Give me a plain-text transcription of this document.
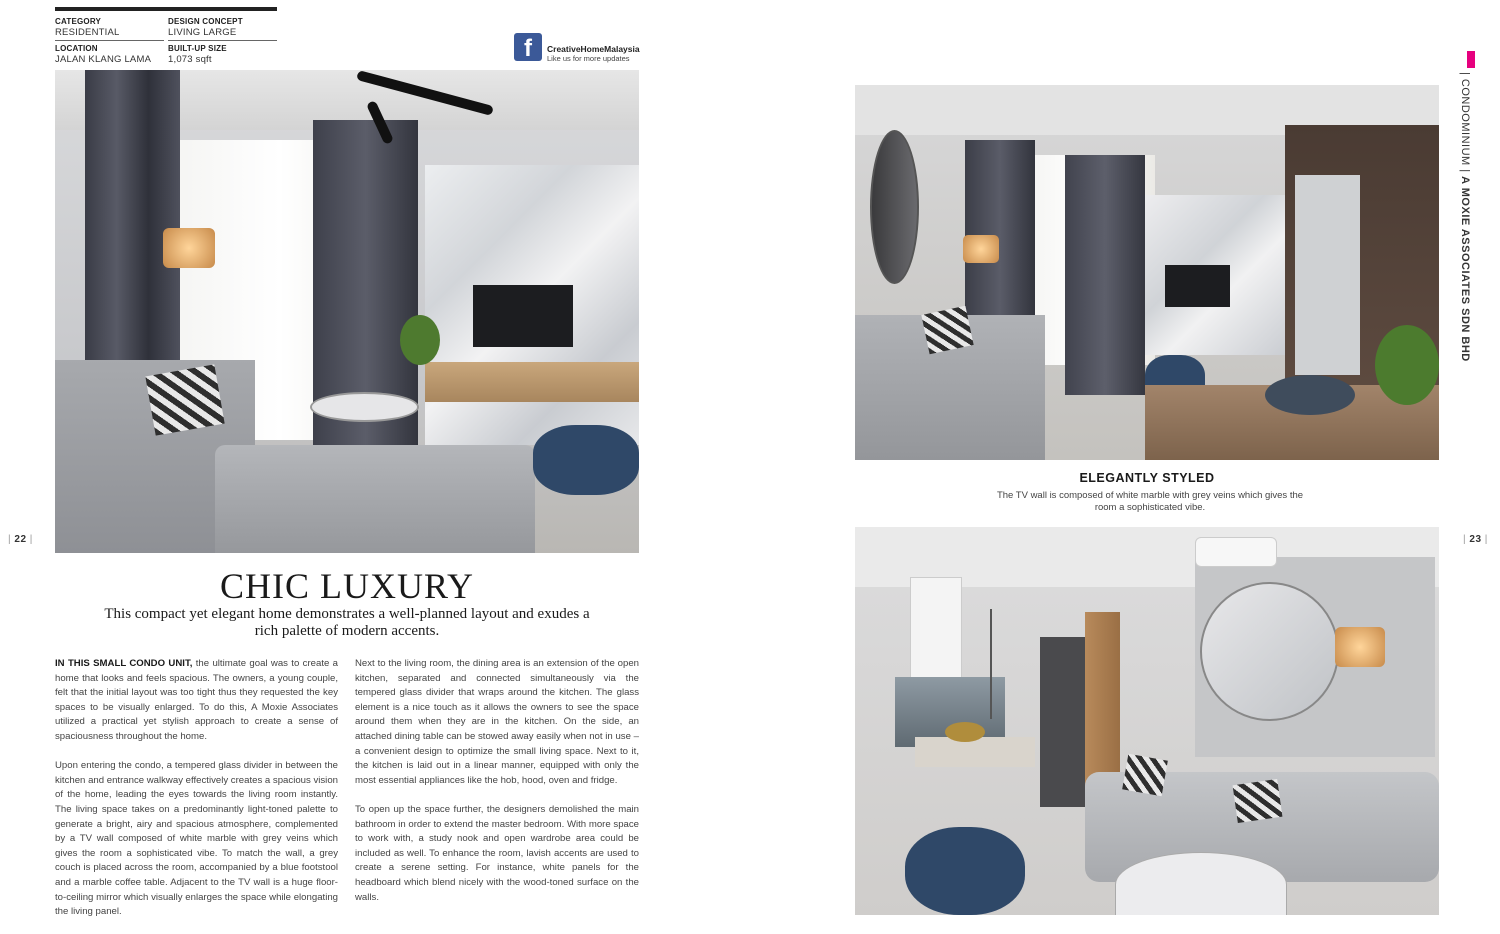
CATEGORY
RESIDENTIAL
DESIGN CONCEPT
LIVING LARGE
LOCATION
JALAN KLANG LAMA
BUILT-UP SIZE
1,073 sqft	f	CreativeHomeMalaysia
Like us for more updates
| 22 |
CHIC LUXURY
This compact yet elegant home demonstrates a well-planned layout and exudes a rich palette of modern accents.

IN THIS SMALL CONDO UNIT, the ultimate goal was to create a home that looks and feels spacious. The owners, a young couple, felt that the initial layout was too tight thus they requested the key spaces to be visually enlarged. To do this, A Moxie Associates utilized a practical yet stylish approach to create a sense of spaciousness throughout the home.

Upon entering the condo, a tempered glass divider in between the kitchen and entrance walkway effectively creates a spacious vision of the home, leading the eyes towards the living room instantly. The living space takes on a predominantly light-toned palette to generate a bright, airy and spacious atmosphere, complemented by a TV wall composed of white marble with grey veins which gives the room a sophisticated vibe. To match the wall, a grey couch is placed across the room, accompanied by a blue footstool and a marble coffee table. Adjacent to the TV wall is a huge floor-to-ceiling mirror which visually enlarges the space while elongating the living panel.

Next to the living room, the dining area is an extension of the open kitchen, separated and connected simultaneously via the tempered glass divider that wraps around the kitchen. The glass element is a nice touch as it allows the owners to see the space around them when they are in the kitchen. On the side, an attached dining table can be stowed away easily when not in use – a convenient design to optimize the small living space. Next to it, the kitchen is laid out in a linear manner, equipped with only the most essential appliances like the hob, hood, oven and fridge.

To open up the space further, the designers demolished the main bathroom in order to extend the master bedroom. With more space to work with, a study nook and open wardrobe area could be included as well. To enhance the room, lavish accents are used to create a serene setting. For instance, white panels for the headboard which blend nicely with the wood-toned surface on the walls.

ELEGANTLY STYLED
The TV wall is composed of white marble with grey veins which gives the room a sophisticated vibe.
| 23 |
| CONDOMINIUM | A MOXIE ASSOCIATES SDN BHD
